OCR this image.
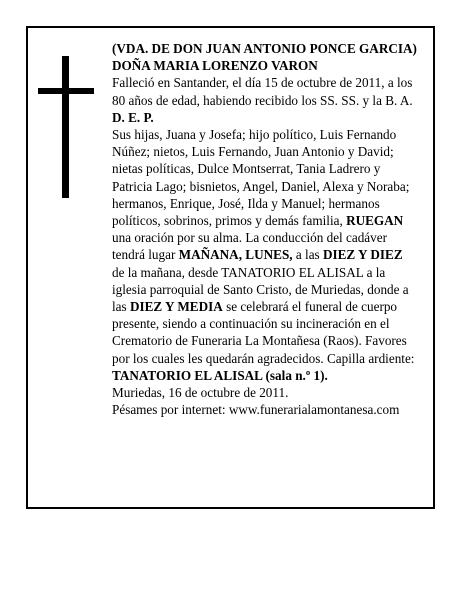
(VDA. DE DON JUAN ANTONIO PONCE GARCIA)

DOÑA MARIA LORENZO VARON

Falleció en Santander, el día 15 de octubre de 2011, a los 80 años de edad, habiendo recibido los SS. SS. y la B. A.

D. E. P.

Sus hijas, Juana y Josefa; hijo político, Luis Fernando Núñez; nietos, Luis Fernando, Juan Antonio y David; nietas políticas, Dulce Montserrat, Tania Ladrero y Patricia Lago; bisnietos, Angel, Daniel, Alexa y Noraba; hermanos, Enrique, José, Ilda y Manuel; hermanos políticos, sobrinos, primos y demás familia, RUEGAN una oración por su alma. La conducción del cadáver tendrá lugar MAÑANA, LUNES, a las DIEZ Y DIEZ de la mañana, desde TANATORIO EL ALISAL a la iglesia parroquial de Santo Cristo, de Muriedas, donde a las DIEZ Y MEDIA se celebrará el funeral de cuerpo presente, siendo a continuación su incineración en el Crematorio de Funeraria La Montañesa (Raos). Favores por los cuales les quedarán agradecidos. Capilla ardiente: TANATORIO EL ALISAL (sala n.º 1).

Muriedas, 16 de octubre de 2011.

Pésames por internet: www.funerarialamontanesa.com
